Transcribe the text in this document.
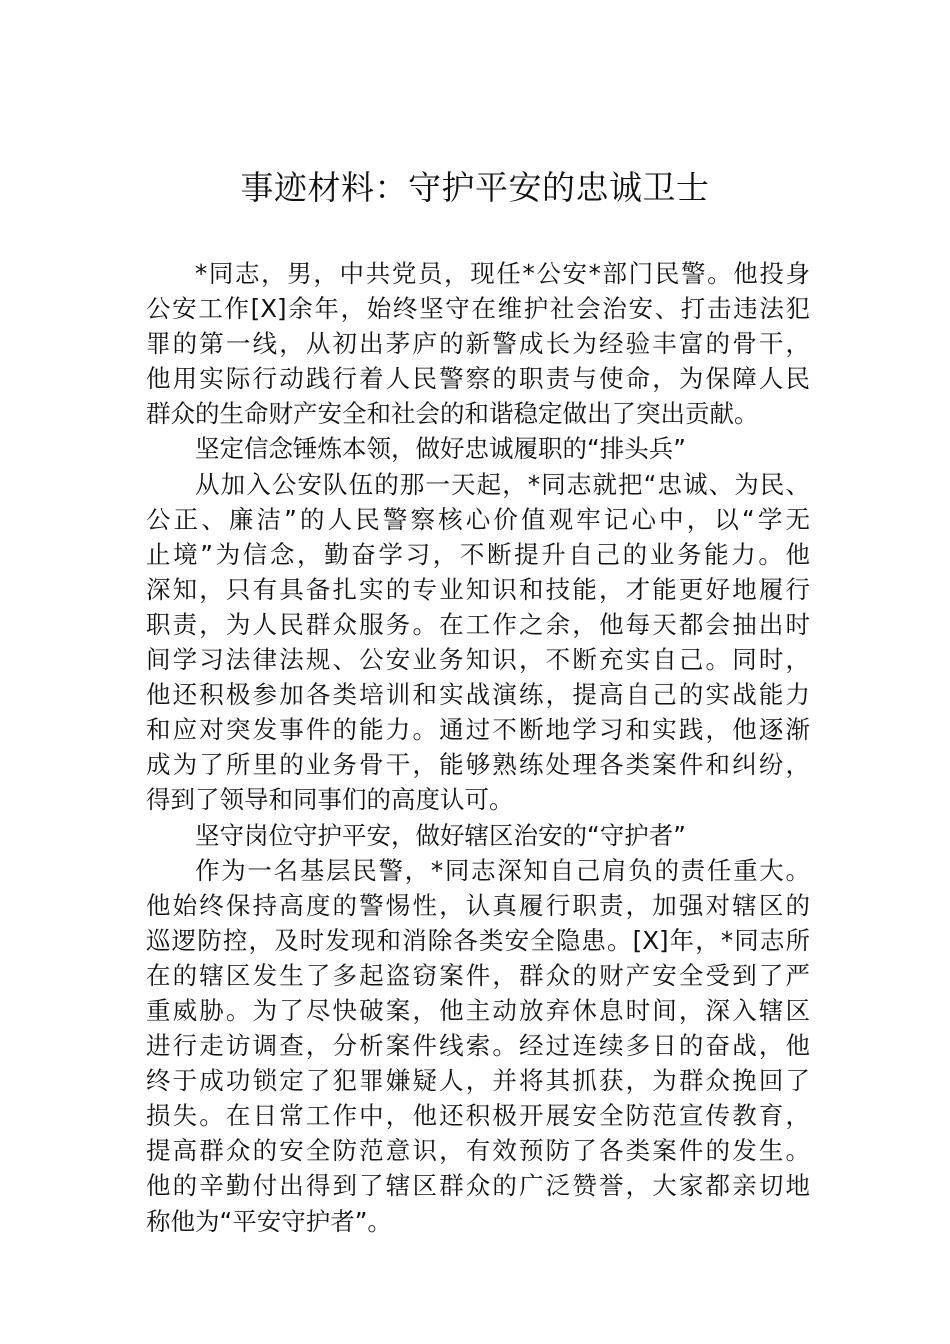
事迹材料：守护平安的忠诚卫士
*同志，男，中共党员，现任*公安*部门民警。他投身
公安工作[X]余年，始终坚守在维护社会治安、打击违法犯
罪的第一线，从初出茅庐的新警成长为经验丰富的骨干，
他用实际行动践行着人民警察的职责与使命，为保障人民
群众的生命财产安全和社会的和谐稳定做出了突出贡献。
坚定信念锤炼本领，做好忠诚履职的“排头兵”
从加入公安队伍的那一天起，*同志就把“忠诚、为民、
公正、廉洁”的人民警察核心价值观牢记心中，以“学无
止境”为信念，勤奋学习，不断提升自己的业务能力。他
深知，只有具备扎实的专业知识和技能，才能更好地履行
职责，为人民群众服务。在工作之余，他每天都会抽出时
间学习法律法规、公安业务知识，不断充实自己。同时，
他还积极参加各类培训和实战演练，提高自己的实战能力
和应对突发事件的能力。通过不断地学习和实践，他逐渐
成为了所里的业务骨干，能够熟练处理各类案件和纠纷，
得到了领导和同事们的高度认可。
坚守岗位守护平安，做好辖区治安的“守护者”
作为一名基层民警，*同志深知自己肩负的责任重大。
他始终保持高度的警惕性，认真履行职责，加强对辖区的
巡逻防控，及时发现和消除各类安全隐患。[X]年，*同志所
在的辖区发生了多起盗窃案件，群众的财产安全受到了严
重威胁。为了尽快破案，他主动放弃休息时间，深入辖区
进行走访调查，分析案件线索。经过连续多日的奋战，他
终于成功锁定了犯罪嫌疑人，并将其抓获，为群众挽回了
损失。在日常工作中，他还积极开展安全防范宣传教育，
提高群众的安全防范意识，有效预防了各类案件的发生。
他的辛勤付出得到了辖区群众的广泛赞誉，大家都亲切地
称他为“平安守护者”。
